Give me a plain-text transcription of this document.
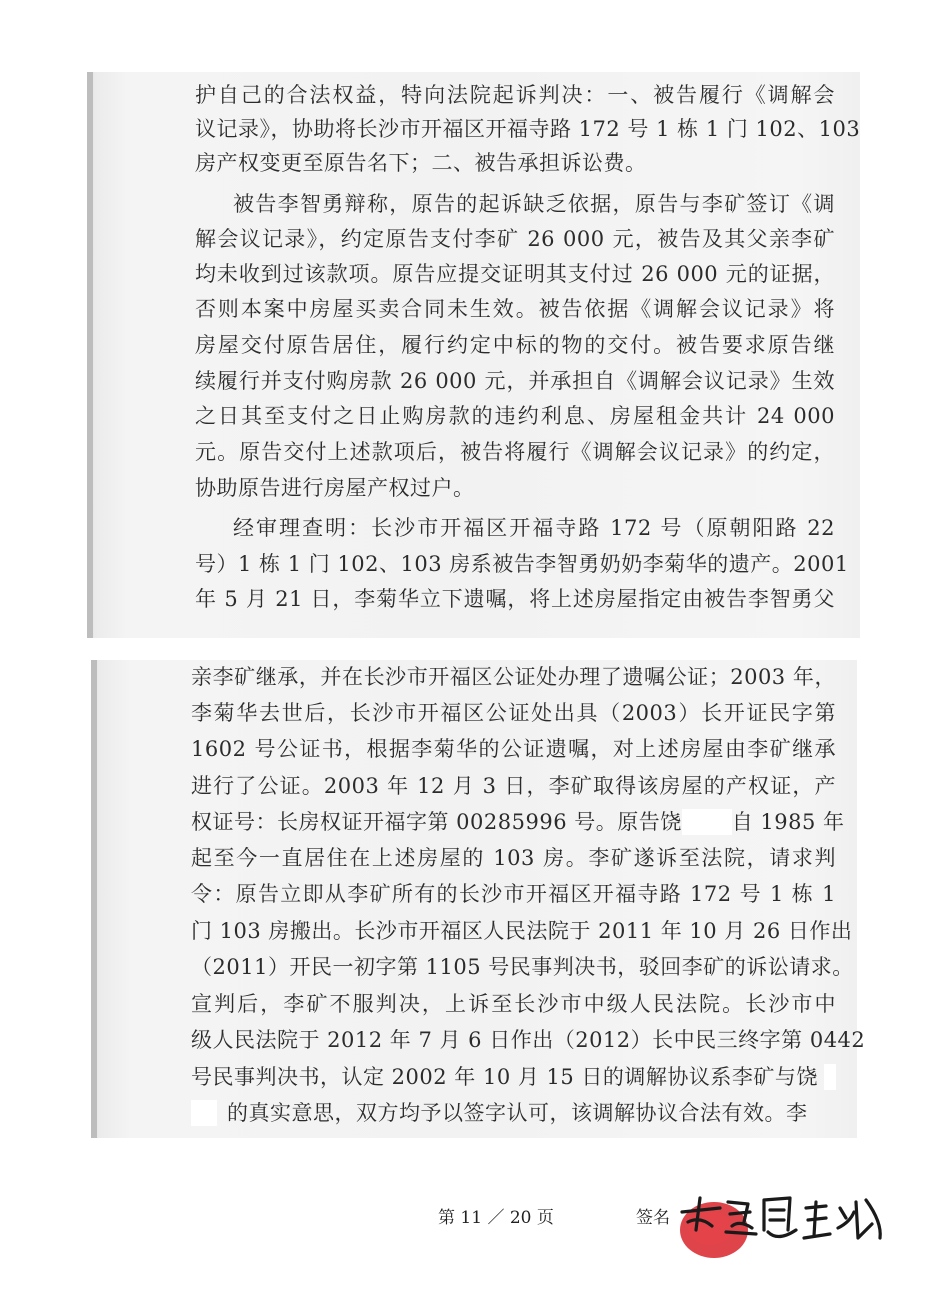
护自己的合法权益，特向法院起诉判决：一、被告履行《调解会
议记录》，协助将长沙市开福区开福寺路 172 号 1 栋 1 门 102、103
房产权变更至原告名下；二、被告承担诉讼费。
被告李智勇辩称，原告的起诉缺乏依据，原告与李矿签订《调
解会议记录》，约定原告支付李矿 26 000 元，被告及其父亲李矿
均未收到过该款项。原告应提交证明其支付过 26 000 元的证据，
否则本案中房屋买卖合同未生效。被告依据《调解会议记录》将
房屋交付原告居住，履行约定中标的物的交付。被告要求原告继
续履行并支付购房款 26 000 元，并承担自《调解会议记录》生效
之日其至支付之日止购房款的违约利息、房屋租金共计 24 000
元。原告交付上述款项后，被告将履行《调解会议记录》的约定，
协助原告进行房屋产权过户。
经审理查明：长沙市开福区开福寺路 172 号（原朝阳路 22
号）1 栋 1 门 102、103 房系被告李智勇奶奶李菊华的遗产。2001
年 5 月 21 日，李菊华立下遗嘱，将上述房屋指定由被告李智勇父
亲李矿继承，并在长沙市开福区公证处办理了遗嘱公证；2003 年，
李菊华去世后，长沙市开福区公证处出具（2003）长开证民字第
1602 号公证书，根据李菊华的公证遗嘱，对上述房屋由李矿继承
进行了公证。2003 年 12 月 3 日，李矿取得该房屋的产权证，产
权证号：长房权证开福字第 00285996 号。原告饶 自 1985 年
起至今一直居住在上述房屋的 103 房。李矿遂诉至法院，请求判
令：原告立即从李矿所有的长沙市开福区开福寺路 172 号 1 栋 1
门 103 房搬出。长沙市开福区人民法院于 2011 年 10 月 26 日作出
（2011）开民一初字第 1105 号民事判决书，驳回李矿的诉讼请求。
宣判后，李矿不服判决，上诉至长沙市中级人民法院。长沙市中
级人民法院于 2012 年 7 月 6 日作出（2012）长中民三终字第 0442
号民事判决书，认定 2002 年 10 月 15 日的调解协议系李矿与饶
的真实意思，双方均予以签字认可，该调解协议合法有效。李
第 11 ／ 20 页	签名
